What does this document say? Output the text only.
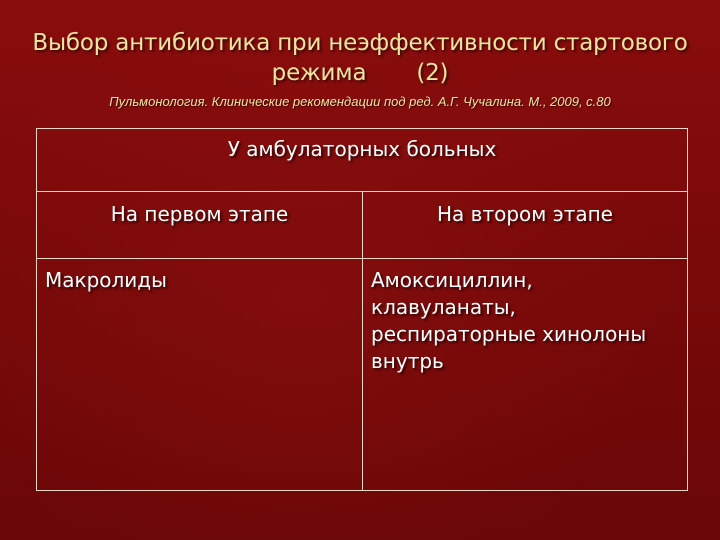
Выбор антибиотика при неэффективности стартового
режима (2)
Пульмонология. Клинические рекомендации под ред. А.Г. Чучалина. М., 2009, с.80
У амбулаторных больных	
На первом этапе	На втором этапе
Макролиды	Амоксициллин, клавуланаты, респираторные хинолоны внутрь
